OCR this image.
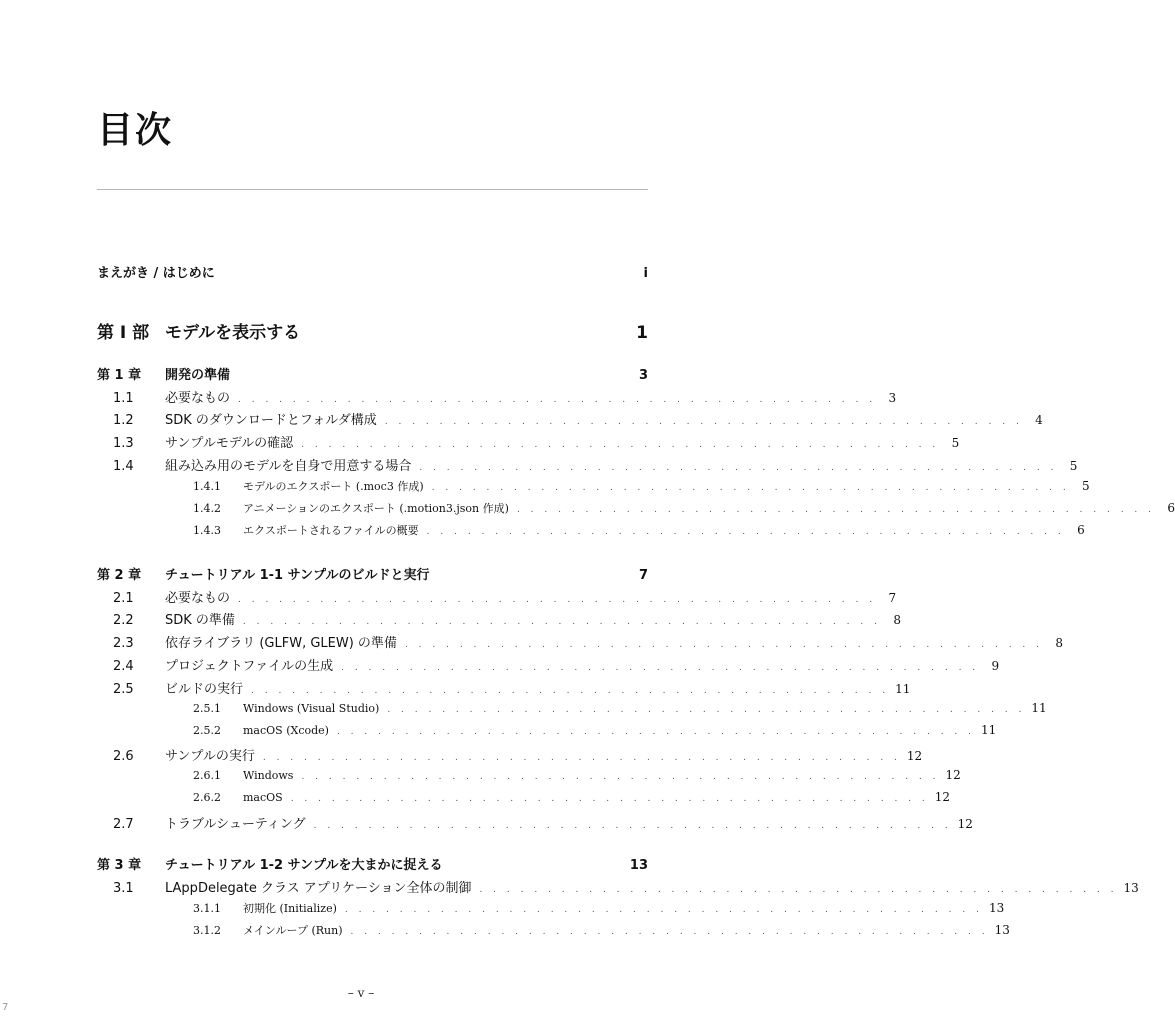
目次
まえがき / はじめに	i
第 I 部 モデルを表示する	1
第 1 章	開発の準備	3
1.1	必要なもの . . . . . . . . . . . . . . . . . . . . . . . . . . . . . . . . . . . . . . . . . . . . . . .	3
1.2	SDK のダウンロードとフォルダ構成 . . . . . . . . . . . . . . . . . . . . . . . . . . . . . . . . . . . . . . . . . . . . . . .	4
1.3	サンプルモデルの確認 . . . . . . . . . . . . . . . . . . . . . . . . . . . . . . . . . . . . . . . . . . . . . . .	5
1.4	組み込み用のモデルを自身で用意する場合 . . . . . . . . . . . . . . . . . . . . . . . . . . . . . . . . . . . . . . . . . . . . . . .	5
1.4.1	モデルのエクスポート (.moc3 作成) . . . . . . . . . . . . . . . . . . . . . . . . . . . . . . . . . . . . . . . . . . . . . . .	5
1.4.2	アニメーションのエクスポート (.motion3.json 作成) . . . . . . . . . . . . . . . . . . . . . . . . . . . . . . . . . . . . . . . . . . . . . . .	6
1.4.3	エクスポートされるファイルの概要 . . . . . . . . . . . . . . . . . . . . . . . . . . . . . . . . . . . . . . . . . . . . . . .	6
第 2 章	チュートリアル 1-1 サンプルのビルドと実行	7
2.1	必要なもの . . . . . . . . . . . . . . . . . . . . . . . . . . . . . . . . . . . . . . . . . . . . . . .	7
2.2	SDK の準備 . . . . . . . . . . . . . . . . . . . . . . . . . . . . . . . . . . . . . . . . . . . . . . .	8
2.3	依存ライブラリ (GLFW, GLEW) の準備 . . . . . . . . . . . . . . . . . . . . . . . . . . . . . . . . . . . . . . . . . . . . . . .	8
2.4	プロジェクトファイルの生成 . . . . . . . . . . . . . . . . . . . . . . . . . . . . . . . . . . . . . . . . . . . . . . .	9
2.5	ビルドの実行 . . . . . . . . . . . . . . . . . . . . . . . . . . . . . . . . . . . . . . . . . . . . . . . 11
2.5.1	Windows (Visual Studio) . . . . . . . . . . . . . . . . . . . . . . . . . . . . . . . . . . . . . . . . . . . . . . . 11
2.5.2	macOS (Xcode) . . . . . . . . . . . . . . . . . . . . . . . . . . . . . . . . . . . . . . . . . . . . . . . 11
2.6	サンプルの実行 . . . . . . . . . . . . . . . . . . . . . . . . . . . . . . . . . . . . . . . . . . . . . . . 12
2.6.1	Windows . . . . . . . . . . . . . . . . . . . . . . . . . . . . . . . . . . . . . . . . . . . . . . . 12
2.6.2	macOS . . . . . . . . . . . . . . . . . . . . . . . . . . . . . . . . . . . . . . . . . . . . . . . 12
2.7	トラブルシューティング . . . . . . . . . . . . . . . . . . . . . . . . . . . . . . . . . . . . . . . . . . . . . . . 12
第 3 章	チュートリアル 1-2 サンプルを大まかに捉える	13
3.1	LAppDelegate クラス アプリケーション全体の制御 . . . . . . . . . . . . . . . . . . . . . . . . . . . . . . . . . . . . . . . . . . . . . . . 13
3.1.1	初期化 (Initialize) . . . . . . . . . . . . . . . . . . . . . . . . . . . . . . . . . . . . . . . . . . . . . . . 13
3.1.2	メインループ (Run) . . . . . . . . . . . . . . . . . . . . . . . . . . . . . . . . . . . . . . . . . . . . . . . 13
– v –
7
